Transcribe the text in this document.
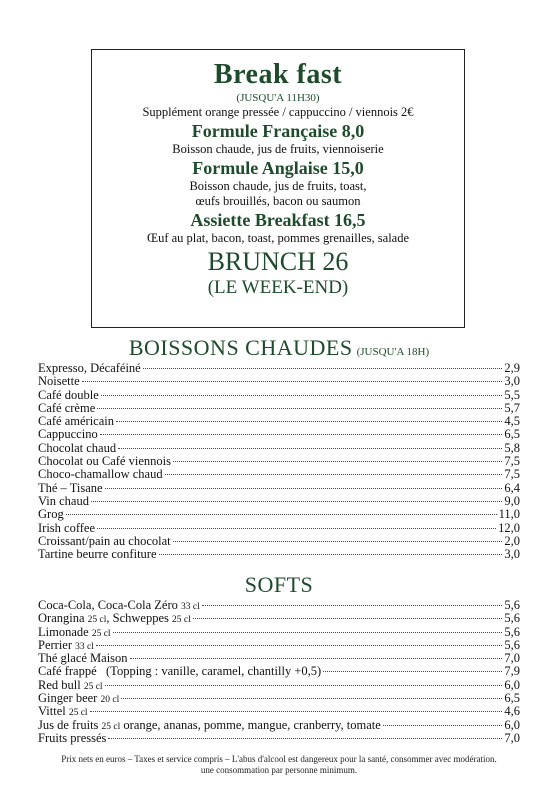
Break fast
(JUSQU'A 11H30)
Supplément orange pressée / cappuccino / viennois 2€
Formule Française 8,0
Boisson chaude, jus de fruits, viennoiserie
Formule Anglaise 15,0
Boisson chaude, jus de fruits, toast,
œufs brouillés, bacon ou saumon
Assiette Breakfast 16,5
Œuf au plat, bacon, toast, pommes grenailles, salade
BRUNCH 26
(LE WEEK-END)
BOISSONS CHAUDES (JUSQU'A 18H)
Expresso, Décaféiné	2,9
Noisette	3,0
Café double	5,5
Café crème	5,7
Café américain	4,5
Cappuccino	6,5
Chocolat chaud	5,8
Chocolat ou Café viennois	7,5
Choco-chamallow chaud	7,5
Thé – Tisane	6,4
Vin chaud	9,0
Grog	11,0
Irish coffee	12,0
Croissant/pain au chocolat	2,0
Tartine beurre confiture	3,0
SOFTS
Coca-Cola, Coca-Cola Zéro 33 cl	5,6
Orangina 25 cl, Schweppes 25 cl	5,6
Limonade 25 cl	5,6
Perrier 33 cl	5,6
Thé glacé Maison	7,0
Café frappé   (Topping : vanille, caramel, chantilly +0,5)	7,9
Red bull 25 cl	6,0
Ginger beer 20 cl	6,5
Vittel 25 cl	4,6
Jus de fruits 25 cl orange, ananas, pomme, mangue, cranberry, tomate	6,0
Fruits pressés	7,0
Prix nets en euros – Taxes et service compris – L'abus d'alcool est dangereux pour la santé, consommer avec modération.
une consommation par personne minimum.
